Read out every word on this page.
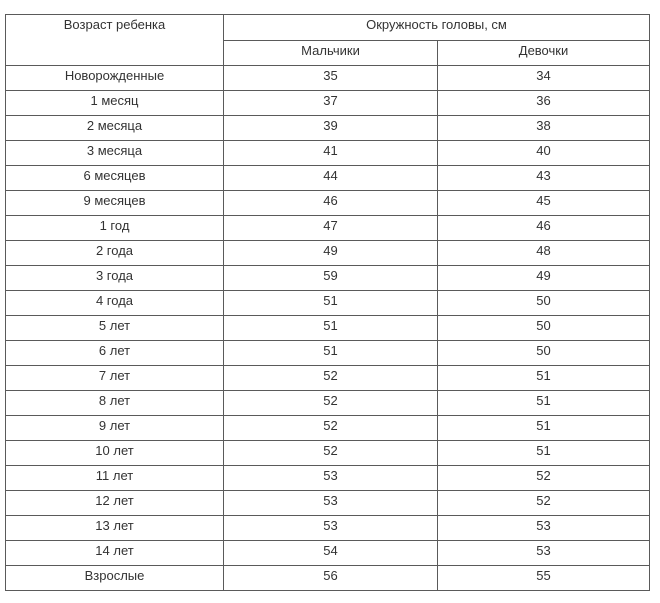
Возраст ребенка	Окружность головы, см	
	Мальчики	Девочки
Новорожденные	35	34
1 месяц	37	36
2 месяца	39	38
3 месяца	41	40
6 месяцев	44	43
9 месяцев	46	45
1 год	47	46
2 года	49	48
3 года	59	49
4 года	51	50
5 лет	51	50
6 лет	51	50
7 лет	52	51
8 лет	52	51
9 лет	52	51
10 лет	52	51
11 лет	53	52
12 лет	53	52
13 лет	53	53
14 лет	54	53
Взрослые	56	55
